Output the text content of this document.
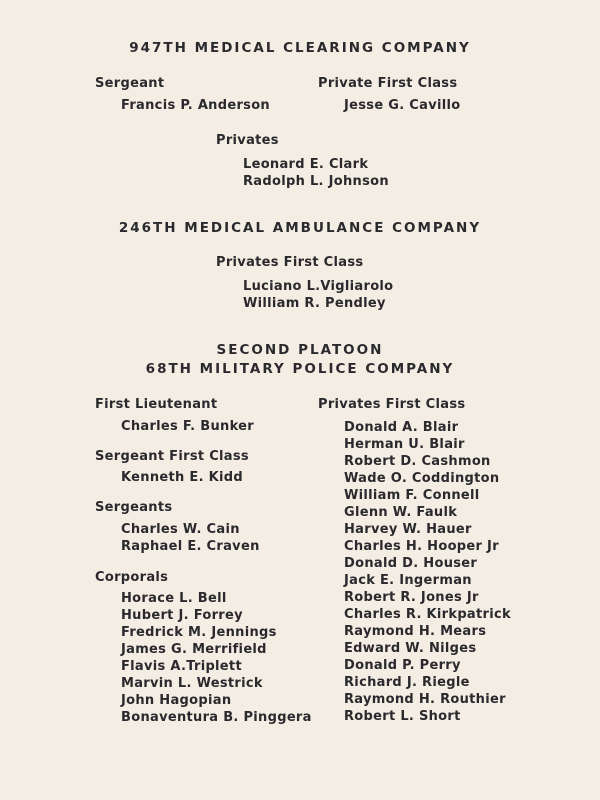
947TH MEDICAL CLEARING COMPANY
Sergeant
Francis P. Anderson
Private First Class
Jesse G. Cavillo
Privates
Leonard E. Clark
Radolph L. Johnson
246TH MEDICAL AMBULANCE COMPANY
Privates First Class
Luciano L.Vigliarolo
William R. Pendley
SECOND PLATOON
68TH MILITARY POLICE COMPANY
First Lieutenant
Charles F. Bunker
Sergeant First Class
Kenneth E. Kidd
Sergeants
Charles W. Cain
Raphael E. Craven
Corporals
Horace L. Bell
Hubert J. Forrey
Fredrick M. Jennings
James G. Merrifield
Flavis A.Triplett
Marvin L. Westrick
John Hagopian
Bonaventura B. Pinggera
Privates First Class
Donald A. Blair
Herman U. Blair
Robert D. Cashmon
Wade O. Coddington
William F. Connell
Glenn W. Faulk
Harvey W. Hauer
Charles H. Hooper Jr
Donald D. Houser
Jack E. Ingerman
Robert R. Jones Jr
Charles R. Kirkpatrick
Raymond H. Mears
Edward W. Nilges
Donald P. Perry
Richard J. Riegle
Raymond H. Routhier
Robert L. Short
